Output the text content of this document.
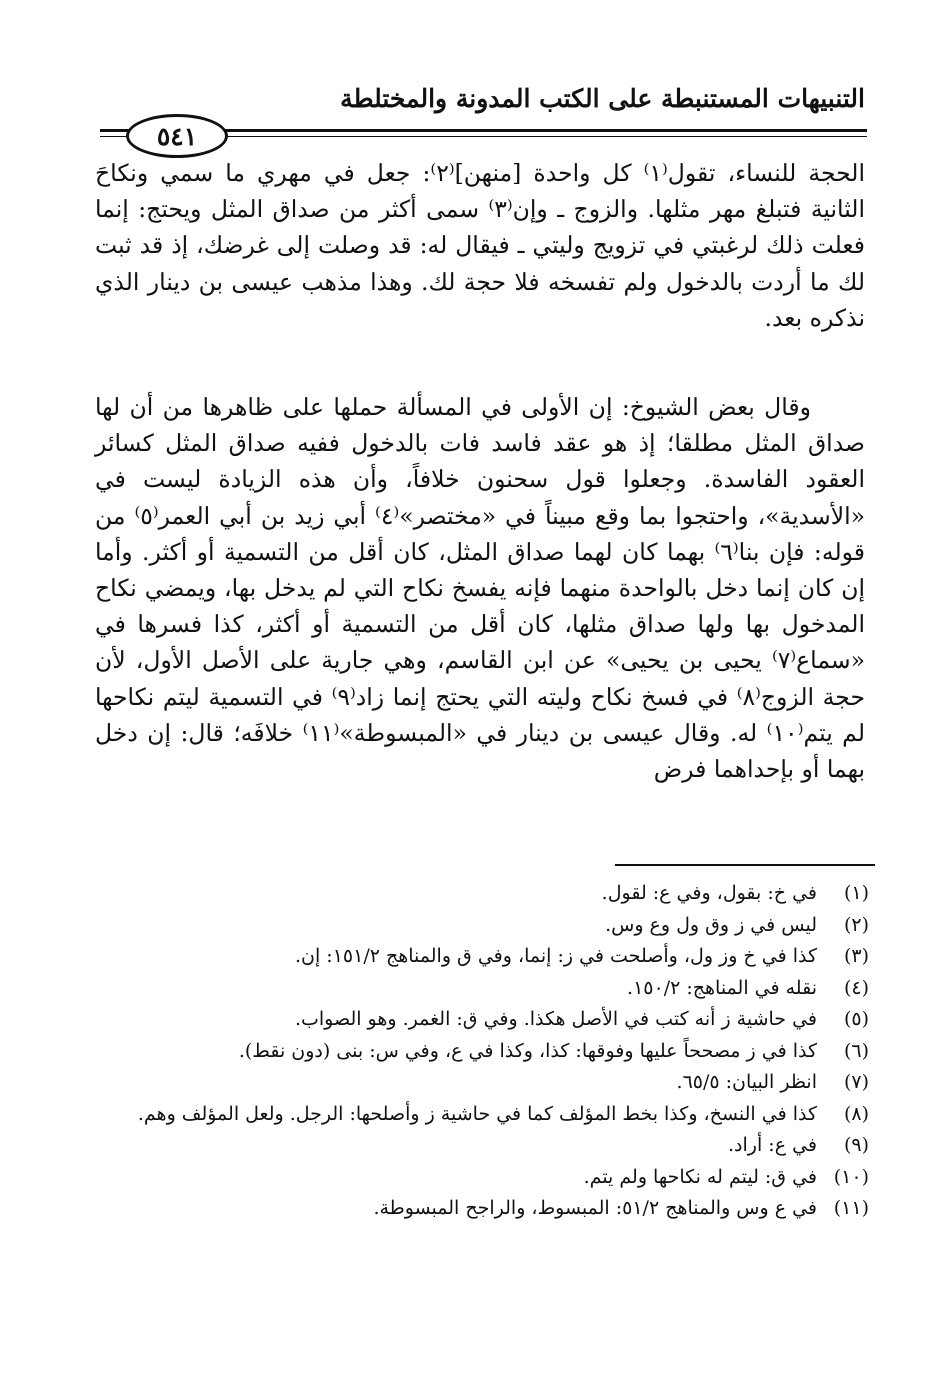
التنبيهات المستنبطة على الكتب المدونة والمختلطة
٥٤١

الحجة للنساء، تقول⁽١⁾ كل واحدة [منهن]⁽٢⁾: جعل في مهري ما سمي ونكاحَ الثانية فتبلغ مهر مثلها. والزوج ـ وإن⁽٣⁾ سمى أكثر من صداق المثل ويحتج: إنما فعلت ذلك لرغبتي في تزويج وليتي ـ فيقال له: قد وصلت إلى غرضك، إذ قد ثبت لك ما أردت بالدخول ولم تفسخه فلا حجة لك. وهذا مذهب عيسى بن دينار الذي نذكره بعد.

وقال بعض الشيوخ: إن الأولى في المسألة حملها على ظاهرها من أن لها صداق المثل مطلقا؛ إذ هو عقد فاسد فات بالدخول ففيه صداق المثل كسائر العقود الفاسدة. وجعلوا قول سحنون خلافاً، وأن هذه الزيادة ليست في «الأسدية»، واحتجوا بما وقع مبيناً في «مختصر»⁽٤⁾ أبي زيد بن أبي العمر⁽٥⁾ من قوله: فإن بنا⁽٦⁾ بهما كان لهما صداق المثل، كان أقل من التسمية أو أكثر. وأما إن كان إنما دخل بالواحدة منهما فإنه يفسخ نكاح التي لم يدخل بها، ويمضي نكاح المدخول بها ولها صداق مثلها، كان أقل من التسمية أو أكثر، كذا فسرها في «سماع⁽٧⁾ يحيى بن يحيى» عن ابن القاسم، وهي جارية على الأصل الأول، لأن حجة الزوج⁽٨⁾ في فسخ نكاح وليته التي يحتج إنما زاد⁽٩⁾ في التسمية ليتم نكاحها لم يتم⁽١٠⁾ له. وقال عيسى بن دينار في «المبسوطة»⁽١١⁾ خلافَه؛ قال: إن دخل بهما أو بإحداهما فرض

(١)
في خ: بقول، وفي ع: لقول.
(٢)
ليس في ز وق ول وع وس.
(٣)
كذا في خ وز ول، وأصلحت في ز: إنما، وفي ق والمناهج ١٥١/٢: إن.
(٤)
نقله في المناهج: ١٥٠/٢.
(٥)
في حاشية ز أنه كتب في الأصل هكذا. وفي ق: الغمر. وهو الصواب.
(٦)
كذا في ز مصححاً عليها وفوقها: كذا، وكذا في ع، وفي س: بنى (دون نقط).
(٧)
انظر البيان: ٦٥/٥.
(٨)
كذا في النسخ، وكذا بخط المؤلف كما في حاشية ز وأصلحها: الرجل. ولعل المؤلف وهم.
(٩)
في ع: أراد.
(١٠)
في ق: ليتم له نكاحها ولم يتم.
(١١)
في ع وس والمناهج ٥١/٢: المبسوط، والراجح المبسوطة.
